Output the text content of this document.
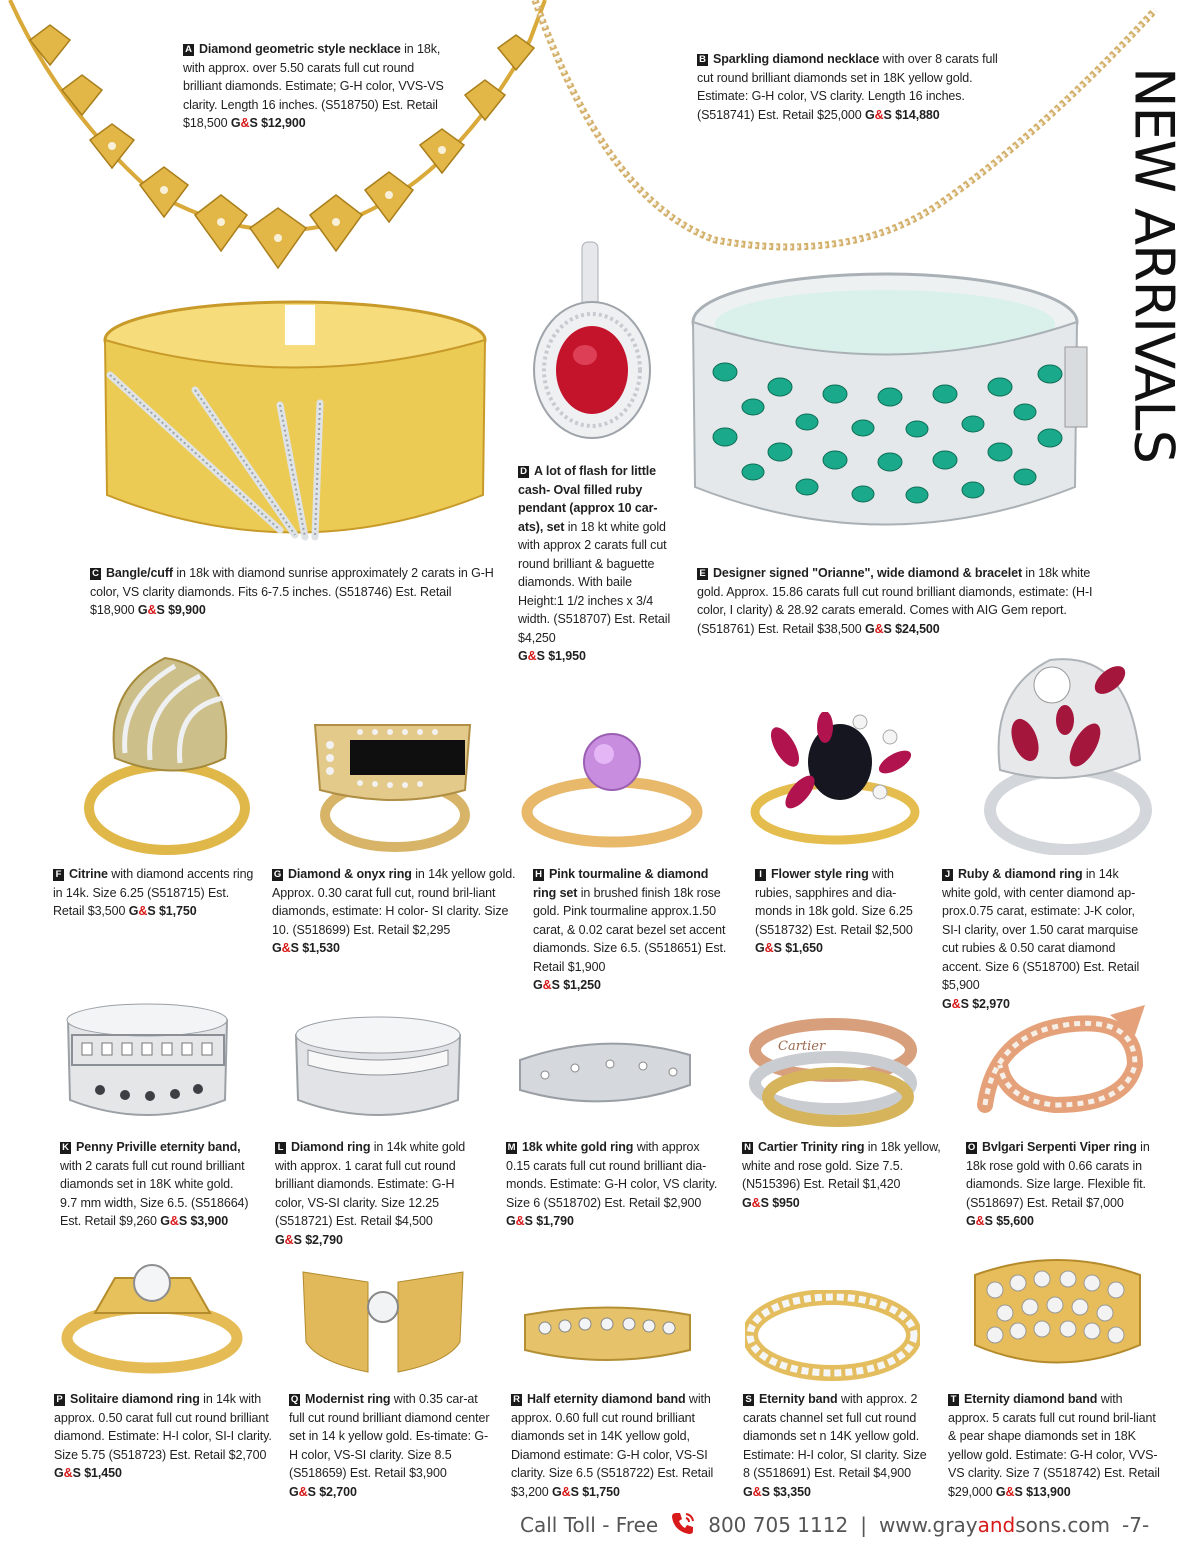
Cartier
NEW ARRIVALS
A Diamond geometric style necklace in 18k, with approx. over 5.50 carats full cut round brilliant diamonds. Estimate; G-H color, VVS-VS clarity. Length 16 inches. (S518750) Est. Retail $18,500 G&S $12,900
B Sparkling diamond necklace with over 8 carats full cut round brilliant diamonds set in 18K yellow gold. Estimate: G-H color, VS clarity. Length 16 inches. (S518741) Est. Retail $25,000 G&S $14,880
C Bangle/cuff in 18k with diamond sunrise approximately 2 carats in G-H color, VS clarity diamonds. Fits 6-7.5 inches. (S518746) Est. Retail $18,900 G&S $9,900
D A lot of flash for little cash- Oval filled ruby pendant (approx 10 car-ats), set in 18 kt white gold with approx 2 carats full cut round brilliant & baguette diamonds. With baile Height:1 1/2 inches x 3/4 width. (S518707) Est. Retail $4,250
G&S $1,950
E Designer signed "Orianne", wide diamond & bracelet in 18k white gold. Approx. 15.86 carats full cut round brilliant diamonds, estimate: (H-I color, I clarity) & 28.92 carats emerald. Comes with AIG Gem report. (S518761) Est. Retail $38,500 G&S $24,500
F Citrine with diamond accents ring in 14k. Size 6.25 (S518715) Est. Retail $3,500 G&S $1,750
G Diamond & onyx ring in 14k yellow gold. Approx. 0.30 carat full cut, round bril-liant diamonds, estimate: H color- SI clarity. Size 10. (S518699) Est. Retail $2,295
G&S $1,530
H Pink tourmaline & diamond ring set in brushed finish 18k rose gold. Pink tourmaline approx.1.50 carat, & 0.02 carat bezel set accent diamonds. Size 6.5. (S518651) Est. Retail $1,900
G&S $1,250
I Flower style ring with rubies, sapphires and dia-monds in 18k gold. Size 6.25 (S518732) Est. Retail $2,500
G&S $1,650
J Ruby & diamond ring in 14k white gold, with center diamond ap-prox.0.75 carat, estimate: J-K color, SI-I clarity, over 1.50 carat marquise cut rubies & 0.50 carat diamond accent. Size 6 (S518700) Est. Retail $5,900
G&S $2,970
K Penny Priville eternity band, with 2 carats full cut round brilliant diamonds set in 18K white gold. 9.7 mm width, Size 6.5. (S518664) Est. Retail $9,260 G&S $3,900
L Diamond ring in 14k white gold with approx. 1 carat full cut round brilliant diamonds. Estimate: G-H color, VS-SI clarity. Size 12.25 (S518721) Est. Retail $4,500
G&S $2,790
M 18k white gold ring with approx 0.15 carats full cut round brilliant dia-monds. Estimate: G-H color, VS clarity. Size 6 (S518702) Est. Retail $2,900
G&S $1,790
N Cartier Trinity ring in 18k yellow, white and rose gold. Size 7.5. (N515396) Est. Retail $1,420
G&S $950
O Bvlgari Serpenti Viper ring in 18k rose gold with 0.66 carats in diamonds. Size large. Flexible fit. (S518697) Est. Retail $7,000 G&S $5,600
P Solitaire diamond ring in 14k with approx. 0.50 carat full cut round brilliant diamond. Estimate: H-I color, SI-I clarity. Size 5.75 (S518723) Est. Retail $2,700 G&S $1,450
Q Modernist ring with 0.35 car-at full cut round brilliant diamond center set in 14 k yellow gold. Es-timate: G-H color, VS-SI clarity. Size 8.5 (S518659) Est. Retail $3,900
G&S $2,700
R Half eternity diamond band with approx. 0.60 full cut round brilliant diamonds set in 14K yellow gold, Diamond estimate: G-H color, VS-SI clarity. Size 6.5 (S518722) Est. Retail $3,200 G&S $1,750
S Eternity band with approx. 2 carats channel set full cut round diamonds set n 14K yellow gold. Estimate: H-I color, SI clarity. Size 8 (S518691) Est. Retail $4,900 G&S $3,350
T Eternity diamond band with approx. 5 carats full cut round bril-liant & pear shape diamonds set in 18K yellow gold. Estimate: G-H color, VVS-VS clarity. Size 7 (S518742) Est. Retail $29,000 G&S $13,900
Call Toll - Free	800 705 1112 | www.grayandsons.com -7-
